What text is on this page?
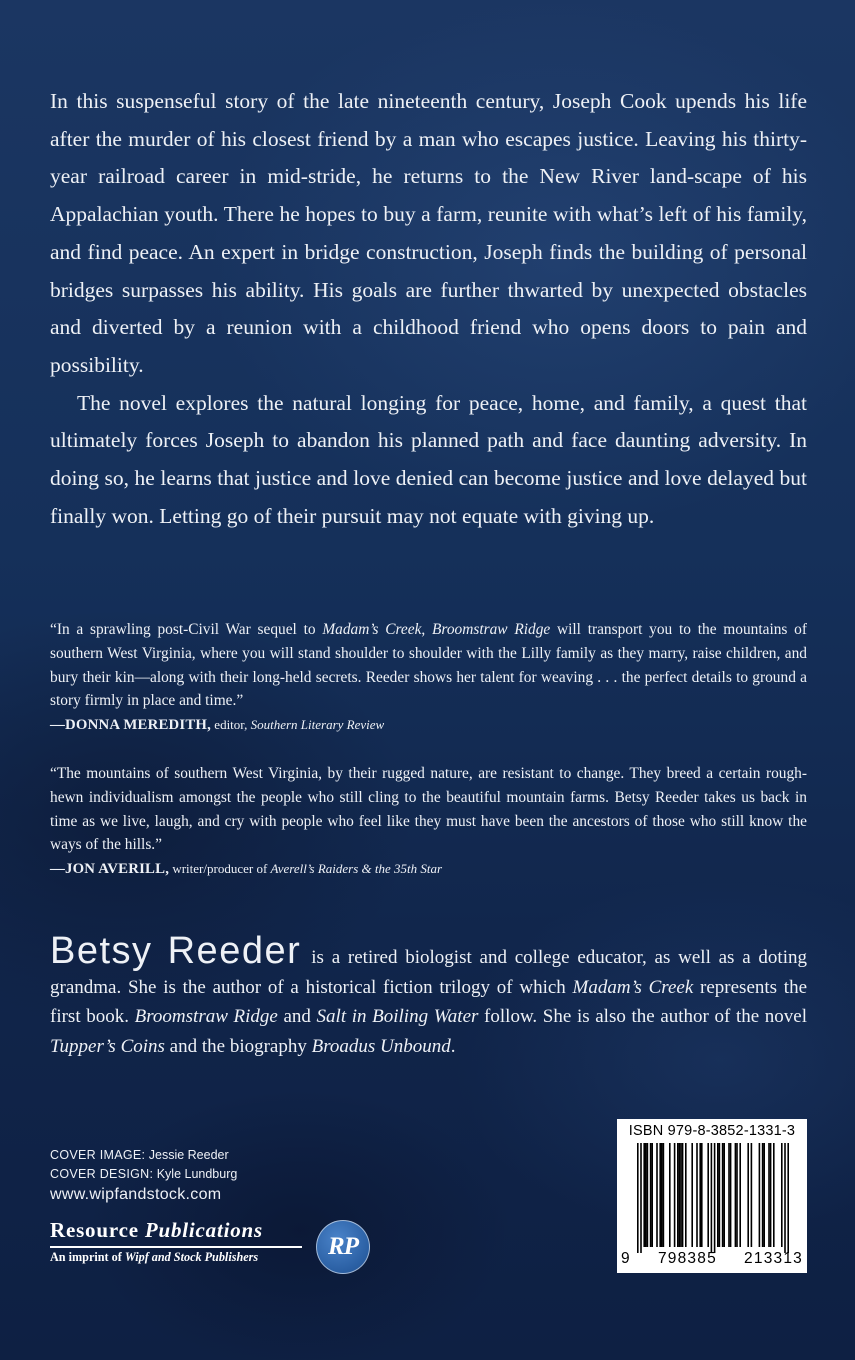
In this suspenseful story of the late nineteenth century, Joseph Cook upends his life after the murder of his closest friend by a man who escapes justice. Leaving his thirty-year railroad career in mid-stride, he returns to the New River land-scape of his Appalachian youth. There he hopes to buy a farm, reunite with what’s left of his family, and find peace. An expert in bridge construction, Joseph finds the building of personal bridges surpasses his ability. His goals are further thwarted by unexpected obstacles and diverted by a reunion with a childhood friend who opens doors to pain and possibility.

The novel explores the natural longing for peace, home, and family, a quest that ultimately forces Joseph to abandon his planned path and face daunting adversity. In doing so, he learns that justice and love denied can become justice and love delayed but finally won. Letting go of their pursuit may not equate with giving up.

“In a sprawling post-Civil War sequel to Madam’s Creek, Broomstraw Ridge will transport you to the mountains of southern West Virginia, where you will stand shoulder to shoulder with the Lilly family as they marry, raise children, and bury their kin—along with their long-held secrets. Reeder shows her talent for weaving . . . the perfect details to ground a story firmly in place and time.”

—DONNA MEREDITH, editor, Southern Literary Review

“The mountains of southern West Virginia, by their rugged nature, are resistant to change. They breed a certain rough-hewn individualism amongst the people who still cling to the beautiful mountain farms. Betsy Reeder takes us back in time as we live, laugh, and cry with people who feel like they must have been the ancestors of those who still know the ways of the hills.”

—JON AVERILL, writer/producer of Averell’s Raiders & the 35th Star

Betsy Reeder is a retired biologist and college educator, as well as a doting grandma. She is the author of a historical fiction trilogy of which Madam’s Creek represents the first book. Broomstraw Ridge and Salt in Boiling Water follow. She is also the author of the novel Tupper’s Coins and the biography Broadus Unbound.

COVER IMAGE: Jessie Reeder
COVER DESIGN: Kyle Lundburg
www.wipfandstock.com
Resource Publications
An imprint of Wipf and Stock Publishers	RP
ISBN 979-8-3852-1331-3
9 798385 213313
